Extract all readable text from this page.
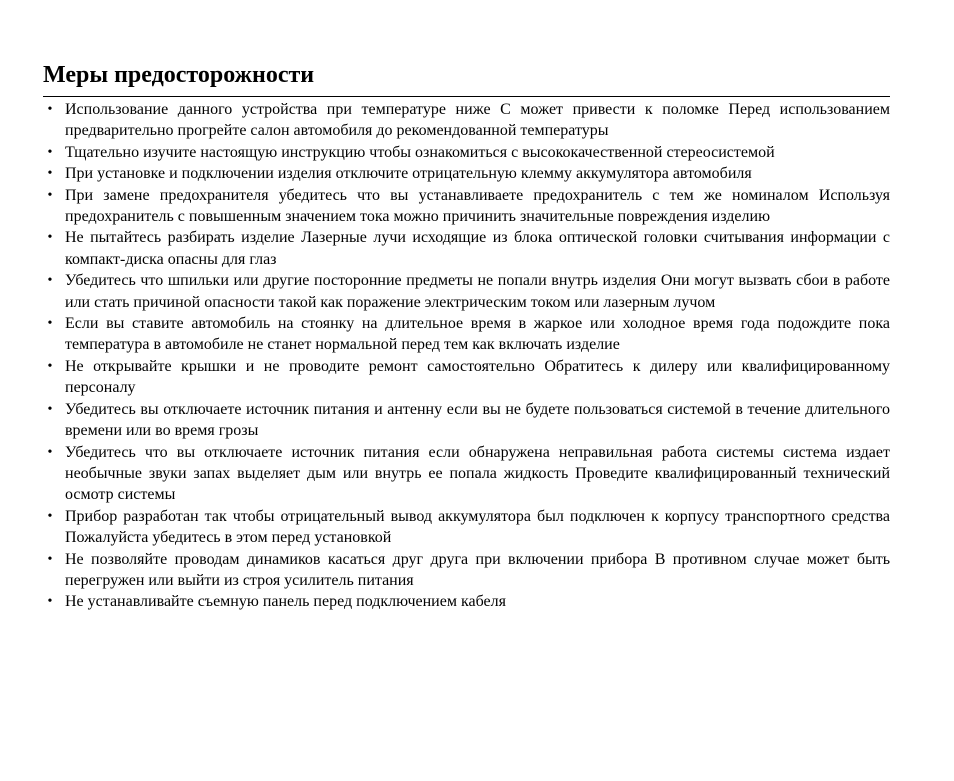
Меры предосторожности
• Использование данного устройства при температуре ниже С может привести к поломке Перед использованием предварительно прогрейте салон автомобиля до рекомендованной температуры
• Тщательно изучите настоящую инструкцию чтобы ознакомиться с высококачественной стереосистемой
• При установке и подключении изделия отключите отрицательную клемму аккумулятора автомобиля
• При замене предохранителя убедитесь что вы устанавливаете предохранитель с тем же номиналом Используя предохранитель с повышенным значением тока можно причинить значительные повреждения изделию
• Не пытайтесь разбирать изделие Лазерные лучи исходящие из блока оптической головки считывания информации с компакт-диска опасны для глаз
• Убедитесь что шпильки или другие посторонние предметы не попали внутрь изделия Они могут вызвать сбои в работе или стать причиной опасности такой как поражение электрическим током или лазерным лучом
• Если вы ставите автомобиль на стоянку на длительное время в жаркое или холодное время года подождите пока температура в автомобиле не станет нормальной перед тем как включать изделие
• Не открывайте крышки и не проводите ремонт самостоятельно Обратитесь к дилеру или квалифицированному персоналу
• Убедитесь вы отключаете источник питания и антенну если вы не будете пользоваться системой в течение длительного времени или во время грозы
• Убедитесь что вы отключаете источник питания если обнаружена неправильная работа системы система издает необычные звуки запах выделяет дым или внутрь ее попала жидкость Проведите квалифицированный технический осмотр системы
• Прибор разработан так чтобы отрицательный вывод аккумулятора был подключен к корпусу транспортного средства Пожалуйста убедитесь в этом перед установкой
• Не позволяйте проводам динамиков касаться друг друга при включении прибора В противном случае может быть перегружен или выйти из строя усилитель питания
• Не устанавливайте съемную панель перед подключением кабеля
